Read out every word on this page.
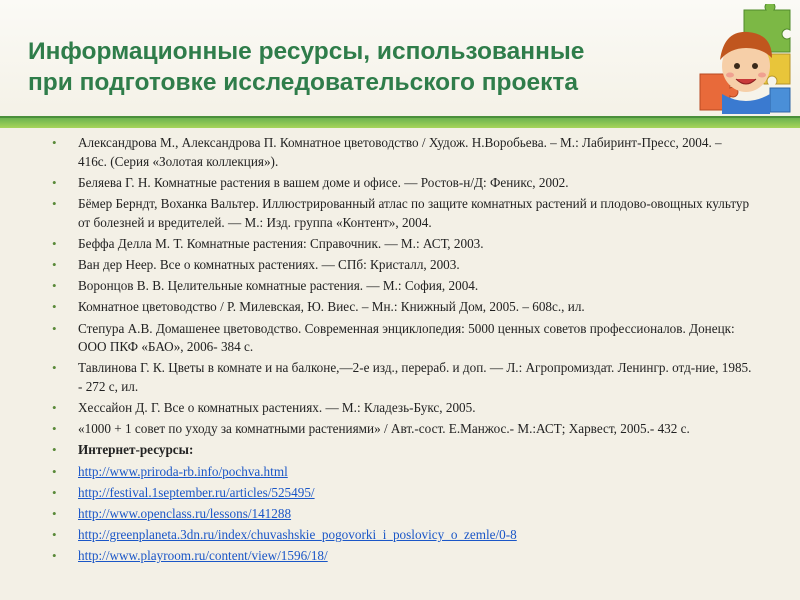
Информационные ресурсы, использованные
при подготовке исследовательского проекта
• Александрова М., Александрова П. Комнатное цветоводство / Худож. Н.Воробьева. – М.: Лабиринт-Пресс, 2004. – 416с. (Серия «Золотая коллекция»).
• Беляева Г. Н. Комнатные растения в вашем доме и офисе. — Ростов-н/Д: Феникс, 2002.
• Бёмер Берндт, Воханка Вальтер. Иллюстрированный атлас по защите комнатных растений и плодово-овощных культур от болезней и вредителей. — М.: Изд. группа «Контент», 2004.
• Беффа Делла М. Т. Комнатные растения: Справочник. — М.: АСТ, 2003.
• Ван дер Неер. Все о комнатных растениях. — СПб: Кристалл, 2003.
• Воронцов В. В. Целительные комнатные растения. — М.: София, 2004.
• Комнатное цветоводство / Р. Милевская, Ю. Виес. – Мн.: Книжный Дом, 2005. – 608с., ил.
• Степура А.В. Домашенее цветоводство. Современная энциклопедия: 5000 ценных советов профессионалов. Донецк: ООО ПКФ «БАО», 2006- 384 с.
• Тавлинова Г. К. Цветы в комнате и на балконе,—2-е изд., перераб. и доп. — Л.: Агропромиздат. Ленингр. отд-ние, 1985. - 272 с, ил.
• Хессайон Д. Г. Все о комнатных растениях. — М.: Кладезь-Букс, 2005.
• «1000 + 1 совет по уходу за комнатными растениями» / Авт.-сост. Е.Манжос.- М.:АСТ; Харвест, 2005.- 432 с.
• Интернет-ресурсы:
• http://www.priroda-rb.info/pochva.html
• http://festival.1september.ru/articles/525495/
• http://www.openclass.ru/lessons/141288
• http://greenplaneta.3dn.ru/index/chuvashskie_pogovorki_i_poslovicy_o_zemle/0-8
• http://www.playroom.ru/content/view/1596/18/
